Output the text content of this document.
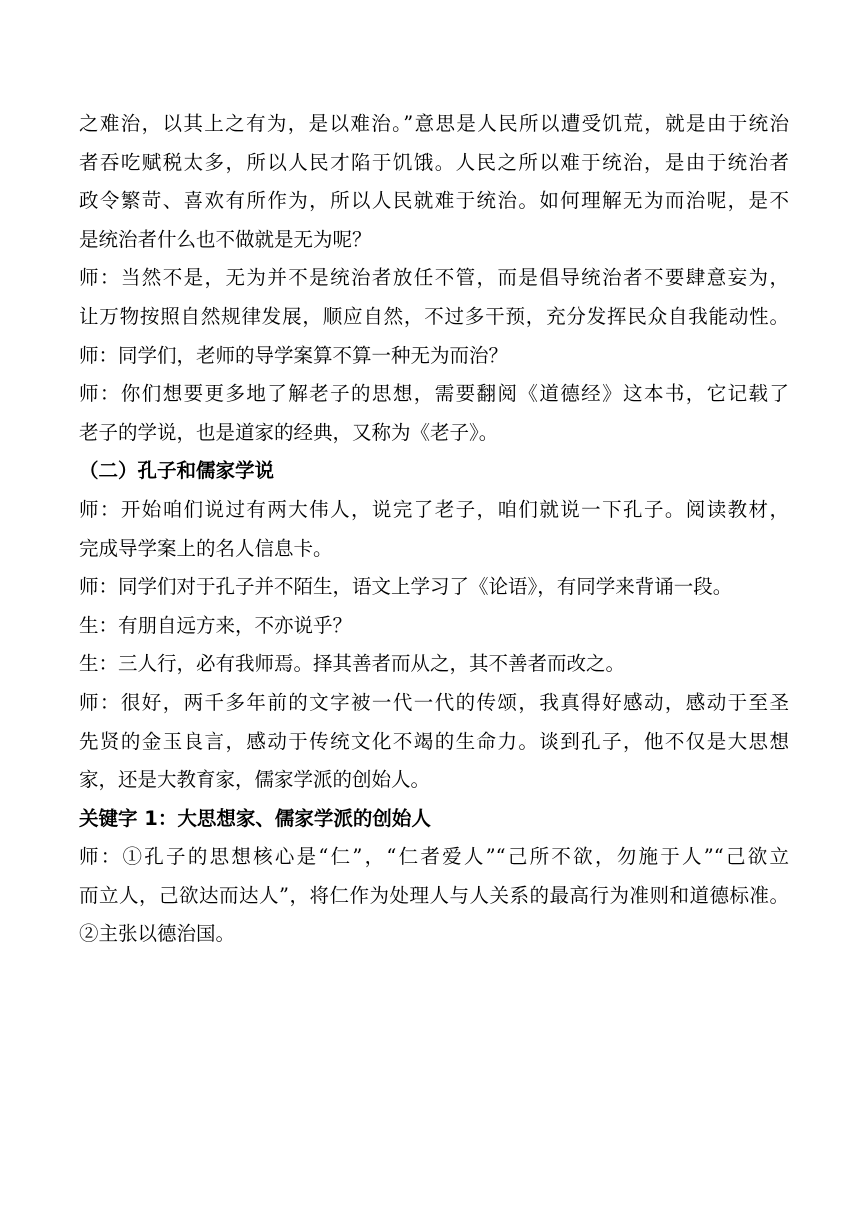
之难治，以其上之有为，是以难治。”意思是人民所以遭受饥荒，就是由于统治
者吞吃赋税太多，所以人民才陷于饥饿。人民之所以难于统治，是由于统治者
政令繁苛、喜欢有所作为，所以人民就难于统治。如何理解无为而治呢，是不
是统治者什么也不做就是无为呢？
师：当然不是，无为并不是统治者放任不管，而是倡导统治者不要肆意妄为，
让万物按照自然规律发展，顺应自然，不过多干预，充分发挥民众自我能动性。
师：同学们，老师的导学案算不算一种无为而治？
师：你们想要更多地了解老子的思想，需要翻阅《道德经》这本书，它记载了
老子的学说，也是道家的经典，又称为《老子》。
（二）孔子和儒家学说
师：开始咱们说过有两大伟人，说完了老子，咱们就说一下孔子。阅读教材，
完成导学案上的名人信息卡。
师：同学们对于孔子并不陌生，语文上学习了《论语》，有同学来背诵一段。
生：有朋自远方来，不亦说乎？
生：三人行，必有我师焉。择其善者而从之，其不善者而改之。
师：很好，两千多年前的文字被一代一代的传颂，我真得好感动，感动于至圣
先贤的金玉良言，感动于传统文化不竭的生命力。谈到孔子，他不仅是大思想
家，还是大教育家，儒家学派的创始人。
关键字 1：大思想家、儒家学派的创始人
师：①孔子的思想核心是“仁”，“仁者爱人”“己所不欲，勿施于人”“己欲立
而立人，己欲达而达人”，将仁作为处理人与人关系的最高行为准则和道德标准。
②主张以德治国。
